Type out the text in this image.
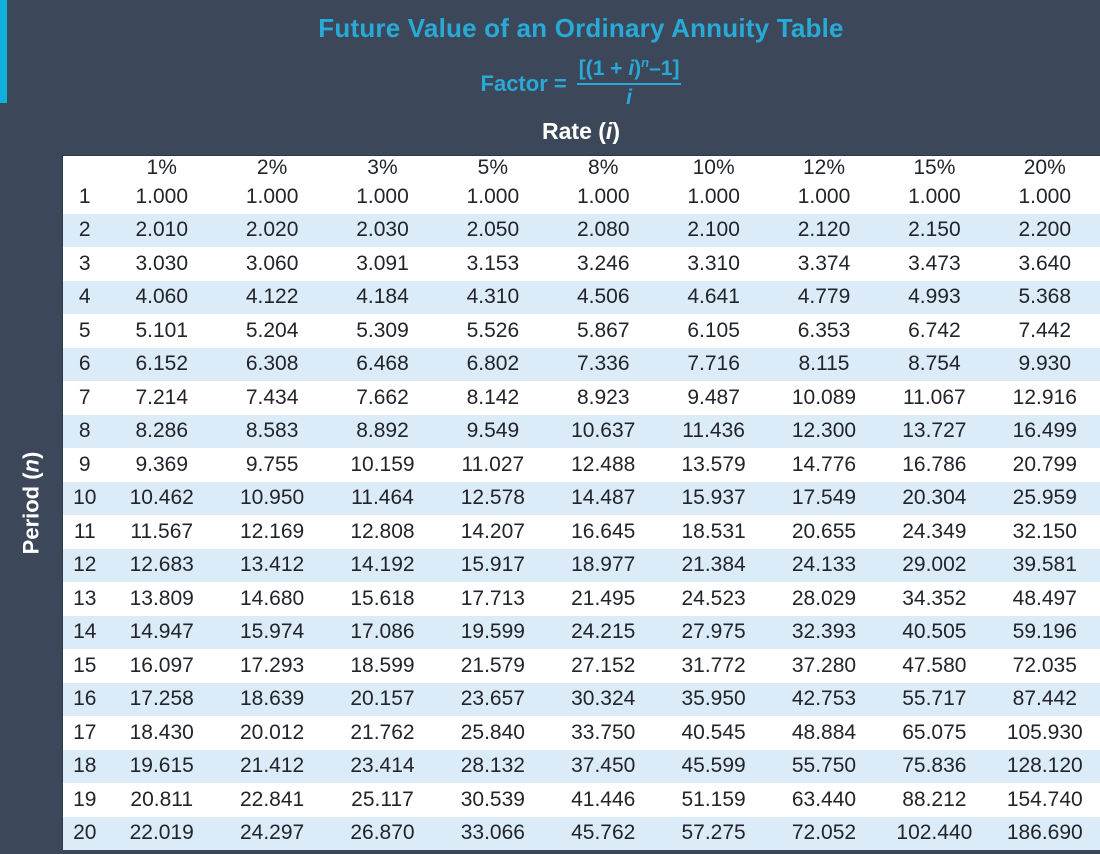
Future Value of an Ordinary Annuity Table
Factor = $\frac{[(1 + i)^n-1]}{i}$
Rate (i)
Period (n)
	1%	2%	3%	5%	8%	10%	12%	15%	20%
1	1.000	1.000	1.000	1.000	1.000	1.000	1.000	1.000	1.000
2	2.010	2.020	2.030	2.050	2.080	2.100	2.120	2.150	2.200
3	3.030	3.060	3.091	3.153	3.246	3.310	3.374	3.473	3.640
4	4.060	4.122	4.184	4.310	4.506	4.641	4.779	4.993	5.368
5	5.101	5.204	5.309	5.526	5.867	6.105	6.353	6.742	7.442
6	6.152	6.308	6.468	6.802	7.336	7.716	8.115	8.754	9.930
7	7.214	7.434	7.662	8.142	8.923	9.487	10.089	11.067	12.916
8	8.286	8.583	8.892	9.549	10.637	11.436	12.300	13.727	16.499
9	9.369	9.755	10.159	11.027	12.488	13.579	14.776	16.786	20.799
10	10.462	10.950	11.464	12.578	14.487	15.937	17.549	20.304	25.959
11	11.567	12.169	12.808	14.207	16.645	18.531	20.655	24.349	32.150
12	12.683	13.412	14.192	15.917	18.977	21.384	24.133	29.002	39.581
13	13.809	14.680	15.618	17.713	21.495	24.523	28.029	34.352	48.497
14	14.947	15.974	17.086	19.599	24.215	27.975	32.393	40.505	59.196
15	16.097	17.293	18.599	21.579	27.152	31.772	37.280	47.580	72.035
16	17.258	18.639	20.157	23.657	30.324	35.950	42.753	55.717	87.442
17	18.430	20.012	21.762	25.840	33.750	40.545	48.884	65.075	105.930
18	19.615	21.412	23.414	28.132	37.450	45.599	55.750	75.836	128.120
19	20.811	22.841	25.117	30.539	41.446	51.159	63.440	88.212	154.740
20	22.019	24.297	26.870	33.066	45.762	57.275	72.052	102.440	186.690
